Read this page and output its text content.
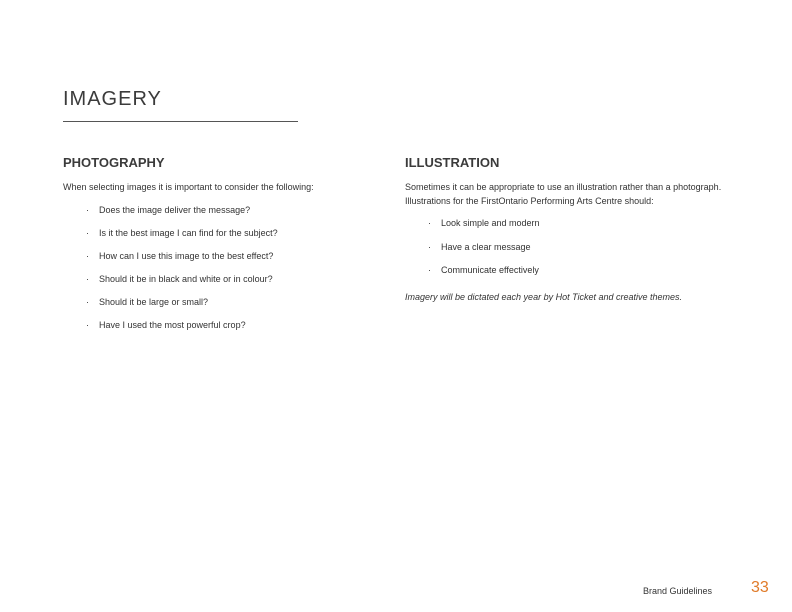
IMAGERY
PHOTOGRAPHY

When selecting images it is important to consider the following:

· Does the image deliver the message?
· Is it the best image I can find for the subject?
· How can I use this image to the best effect?
· Should it be in black and white or in colour?
· Should it be large or small?
· Have I used the most powerful crop?
ILLUSTRATION

Sometimes it can be appropriate to use an illustration rather than a photograph. Illustrations for the FirstOntario Performing Arts Centre should:

· Look simple and modern
· Have a clear message
· Communicate effectively

Imagery will be dictated each year by Hot Ticket and creative themes.

Brand Guidelines 33
